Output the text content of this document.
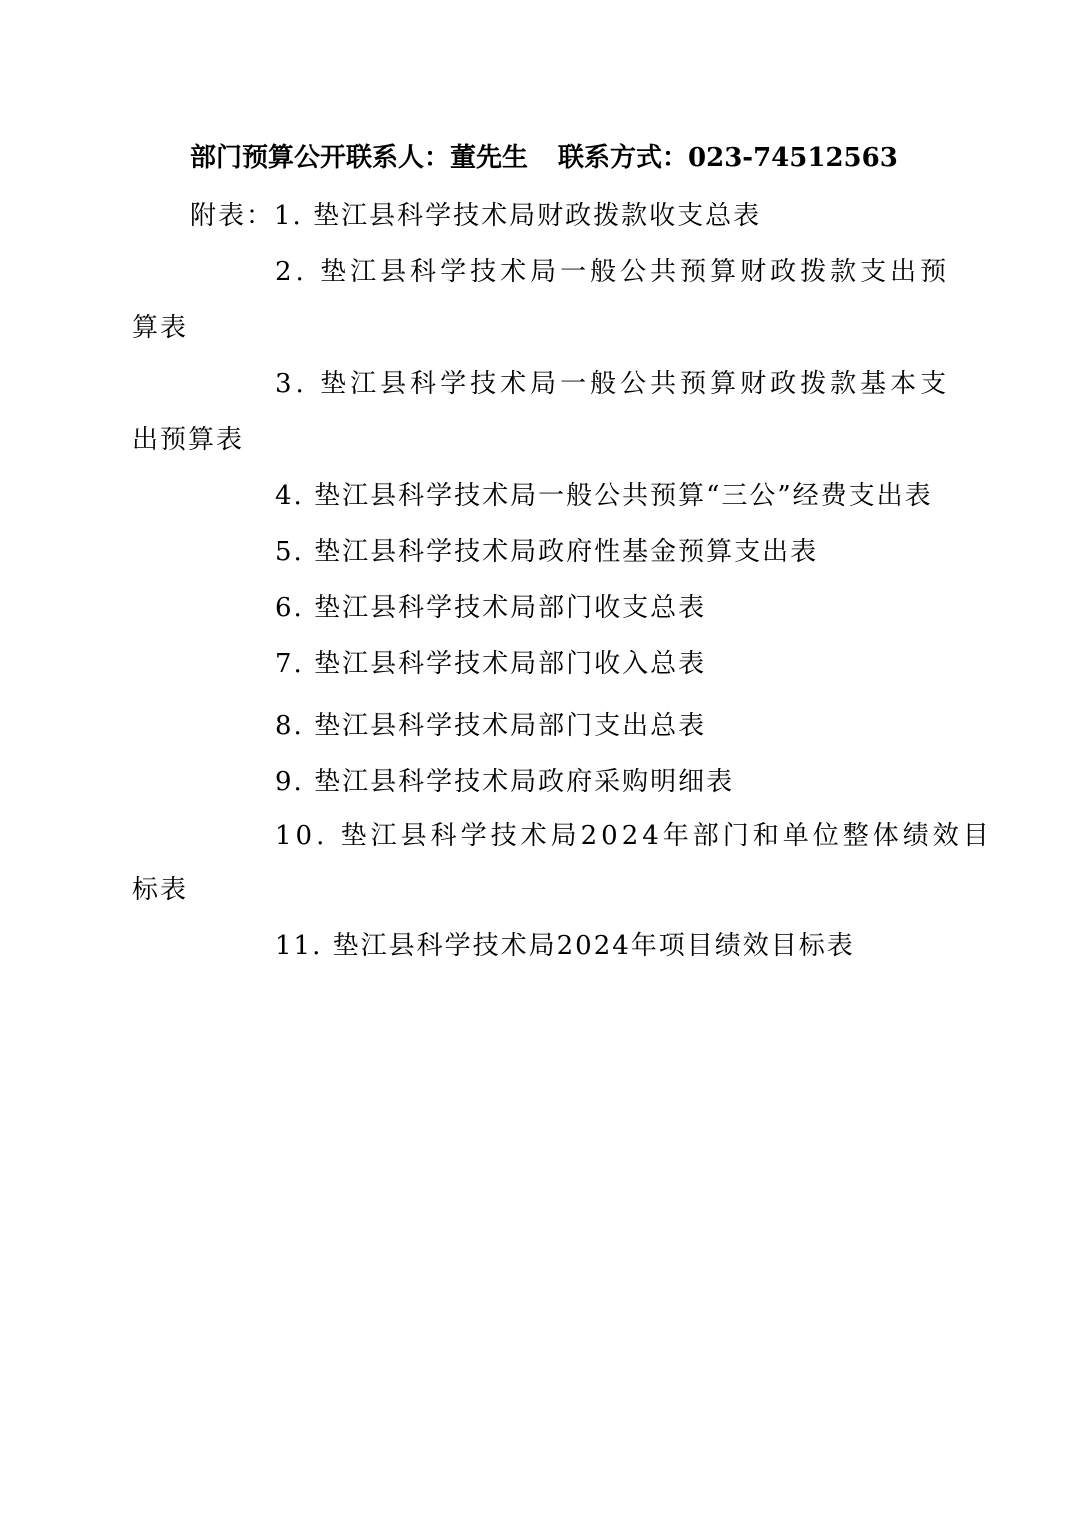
部门预算公开联系人：董先生 联系方式：023-74512563
附表：1. 垫江县科学技术局财政拨款收支总表
2. 垫江县科学技术局一般公共预算财政拨款支出预
算表
3. 垫江县科学技术局一般公共预算财政拨款基本支
出预算表
4. 垫江县科学技术局一般公共预算“三公”经费支出表
5. 垫江县科学技术局政府性基金预算支出表
6. 垫江县科学技术局部门收支总表
7. 垫江县科学技术局部门收入总表
8. 垫江县科学技术局部门支出总表
9. 垫江县科学技术局政府采购明细表
10. 垫江县科学技术局2024年部门和单位整体绩效目
标表
11. 垫江县科学技术局2024年项目绩效目标表
